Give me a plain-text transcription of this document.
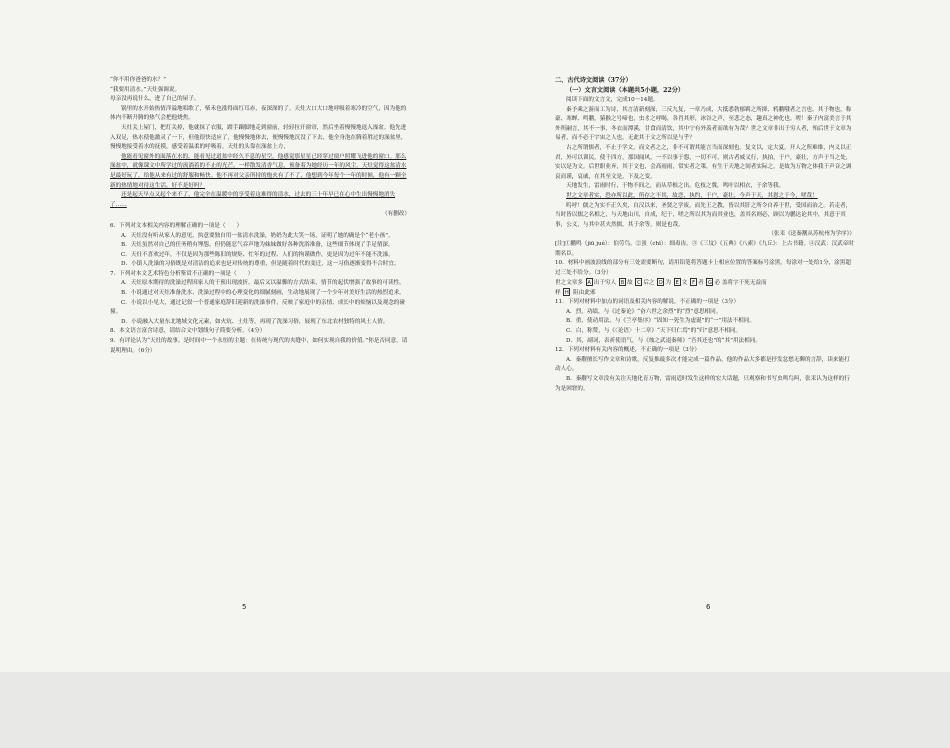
“你不用你爸爸的水？”

“我要用清水。”天灶强调说。

母亲没再说什么，进了自己的屋子。

锅里的水开始热情洋溢地唱歌了，柴禾也涨得面红耳赤，夜深深的了。天灶大口大口地呼吸着寒冷的空气，因为他的体内不断升腾的热气会把他烧焦。

天灶关上屋门，把灯关掉，他就抹了衣服，蹬手蹑脚地走到窗前，轻轻拉开窗帘，然后坐着慢慢地退入澡盆。他先进入双足，热水使他激灵了一下，但他很快适应了，他慢慢地体去，便慢慢地沉没了下去，他全身泡在腾着胜过的澡盆里，慢慢地接受着水的抚摸，感受着温柔的呼吸着。天灶的头靠在澡盆上方，

他能看见窗外的面落在水的，能看见过道盆中经久不息的星空。他感觉那星星已经穿过窗户照耀飞进他的窗口。那么澡盆中，就像课文中所学过的流淌着的不止的光芒，一样散发清香气息，预备着为她经历一年的风尘。天灶觉得这盆清水是最好玩了，给他从来有过的舒服和畅快。他不再对父亲所持的炮火有了不了，他想到今年每个一年的时候，他有一颗全新的热情地对待这生活，好不是好吗？

还是起天早点又起个来不了，他完全在温暖中的享受着这难得的清水，过去的三十年早已在心中生出慢慢地消失了……

（有删改）

6．下列对文本相关内容的理解正确的一项是（　　）

A．天灶没有听从家人的意见，执意要独自用一盆清水洗澡，奶奶为此大笑一场，证明了她的确是个“老小孩”。

B．天灶虽然对自己的任务稍有埋怨，但仍能忍气吞声地为妹妹做好各种洗浴准备，这些细节体现了手足情深。

C．天灶不喜欢过年，不仅是因为那些陈旧的规矩、忙年的过程、人们的拘谨做作，更是因为过年不能不洗澡。

D．小镇人洗澡的习俗既是对清洁的追求也是对传统的尊重，但是随着时代的变迁，这一习俗逐渐变得不合时宜。

7．下列对本文艺术特色分析鉴赏不正确的一项是（　　）

A．天灶原本期待的洗澡过程因家人的干预出现波折，最后又以温馨的方式结束，情节的起伏增强了故事的可读性。

B．小说通过对天灶准备洗水、洗澡过程中的心理变化的细腻刻画，生动地展现了一个少年对美好生活的热烈追求。

C．小说以小见大，通过记叙一个普通家庭辞旧迎新的洗澡事件，反映了家庭中的亲情、成长中的烦恼以及观念的碰撞。

D．小说融入大量东北地域文化元素，如火炕、土灶等，再现了洗澡习俗，展现了东北农村独特的风土人情。

8．本文语言富含诗意，请结合文中划线句子简要分析。（4分）

9．有评论认为“天灶的故事，是时间中一个永恒的主题：在传统与现代的夹缝中，如何实现自我的价值。”你是否同意，请说明理由。（6分）

二、古代诗文阅读（37分）

（一）文言文阅读（本题共5小题，22分）

阅读下面的文言文，完成10～14题。

秦予乘之游而工为诗，其言清新刻深，三反九复，一章乃成，大抵悉勃郁羁之所抑、鸦鹏哦者之言也。其于物也，称豪、寒蝉、鸣鹏，猿猴之号啼也，虫豸之呼喝，各肖其形，冰谷之声，至悲之态，趣真之神化也。嗟！秦子内富美言于其外所嗣言，其不一事，冬衣而潭溪，甘食而清饮，其中宁有外羡者而欲有为哉？世之文章非出于穷人者，殆后世于文章为易者，而不必于宇宙之人也。无此其于文之所以是与乎？

古之所谓儒者，不止于学文，而文者之之，非不可谓其能言当而深刻也。复文以，定大夏，开人之所难维，内义以正君，外可以训民，使千四方，那国闻风，一不以事于怨，一切不可，则古者威义行，执拍，于户，豪壮，方声于当之处，实以是为文。后世职业弃，其于文也，会高雨雨，常实者之策，有生于天地之间者实际之，是故为万物之体我于声音之调哀而谨，哀戚，在其至文是，下及之变。

天地发生，雷雨时行，于物不间之，而从草根之出，危枝之冀，鸣叶以相衣，于余等我。

世之文章者实，恐亦所以此，所存之不其，故恋，执约，于户，豪壮，今声于天，其恩之于今，嗟哉！

呜呼！儒之为实不正久矣，自汉以来，圣贤之学废，而先王之教，皆以其肝之所令自养于世，受国而治之。若走者，当时皆以儒之名相之，与天地山川，自成，纪于，嗟之所以其为而其业也，盖其名则必，顾以为鹏达论其中，其意于其事，公义，与其中甚夫然儒，其于余等，则是也哉。

（张耒《送秦觏从苏杭州为学序》）

[注]①鹏鸣（jiū jué）：伯劳鸟。②蚩（chī）：细毒齿。③《三坟》《五典》《八索》《九丘》：上古书籍。④汉武：汉武帝时期名臣。

10．材料中画波浪线的部分有三处需要断句，请用铅笔将答题卡上相应位置的答案标号涂黑，每涂对一处给1分，涂黑超过三处不给分。（3分）

世之文章多 A 出于穷人 B 故 C 后之 D 为 E 文 F 者 G 必 盖将字于死无益而
样 H 阻由此邪

11．下列对材料中加点的词语及相关内容的解说，不正确的一项是（3分）

A．烈，功绩，与《过秦论》“奋六世之余烈”的“烈”意思相同。

B．重，使动用法，与《兰亭集序》“固知一死生为虚诞”的“一”用法不相同。

C．白，称赞，与《〈论语〉十二章》“天下归仁焉”的“归”意思不相同。

D．其，副词，表祈使语气，与《烛之武退秦师》“吾其还也”的“其”用法相同。

12．下列对材料有关内容的概述，不正确的一项是（3分）

A．秦觏擅长写作文章和诗歌，反复推敲多次才能完成一篇作品，他的作品大多都是抒发忿愁无聊的言辞，读来能打动人心。

B．秦觏写文章没有关注天地化育万物，雷雨适时发生这样的宏大话题，只观察和书写虫鸣鸟叫，张耒认为这样的行为是困窘的。

5	6
